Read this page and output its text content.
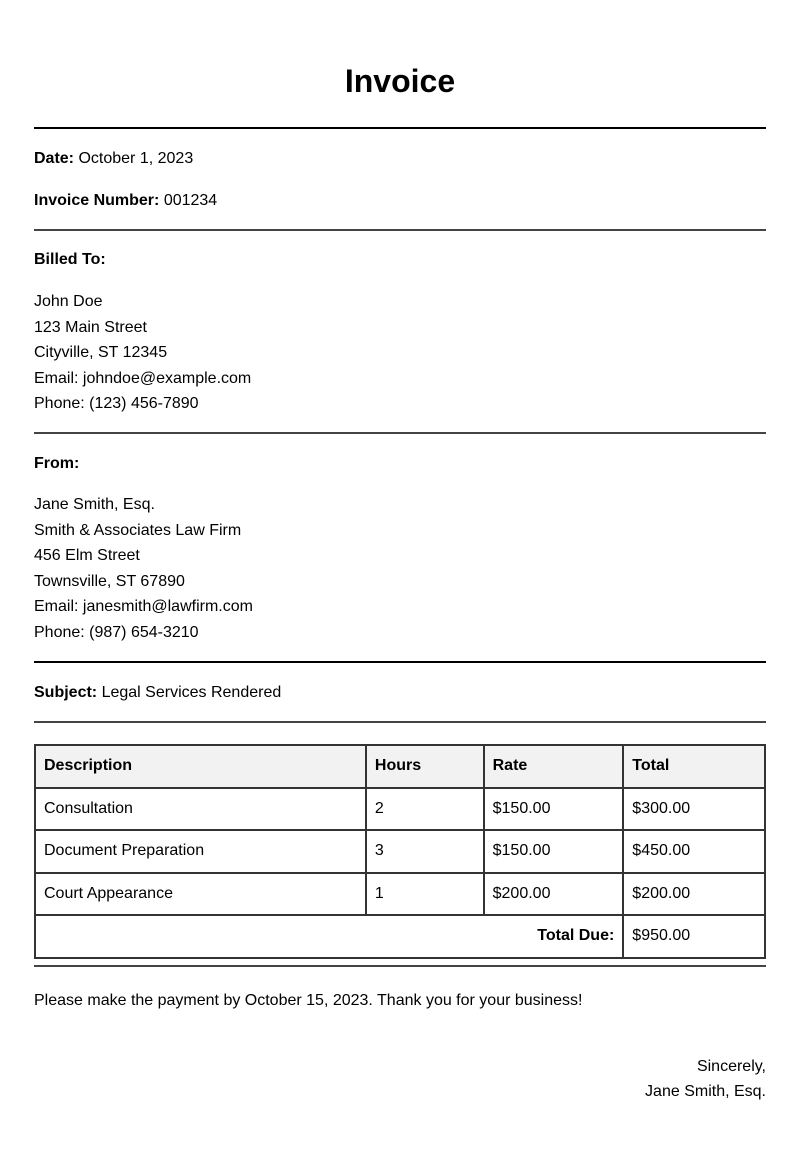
Invoice
Date: October 1, 2023
Invoice Number: 001234
Billed To:
John Doe
123 Main Street
Cityville, ST 12345
Email: johndoe@example.com
Phone: (123) 456-7890
From:
Jane Smith, Esq.
Smith & Associates Law Firm
456 Elm Street
Townsville, ST 67890
Email: janesmith@lawfirm.com
Phone: (987) 654-3210
Subject: Legal Services Rendered
Description	Hours	Rate	Total
Consultation	2	$150.00	$300.00
Document Preparation	3	$150.00	$450.00
Court Appearance	1	$200.00	$200.00
Total Due:			$950.00
Please make the payment by October 15, 2023. Thank you for your business!
Sincerely,
Jane Smith, Esq.
